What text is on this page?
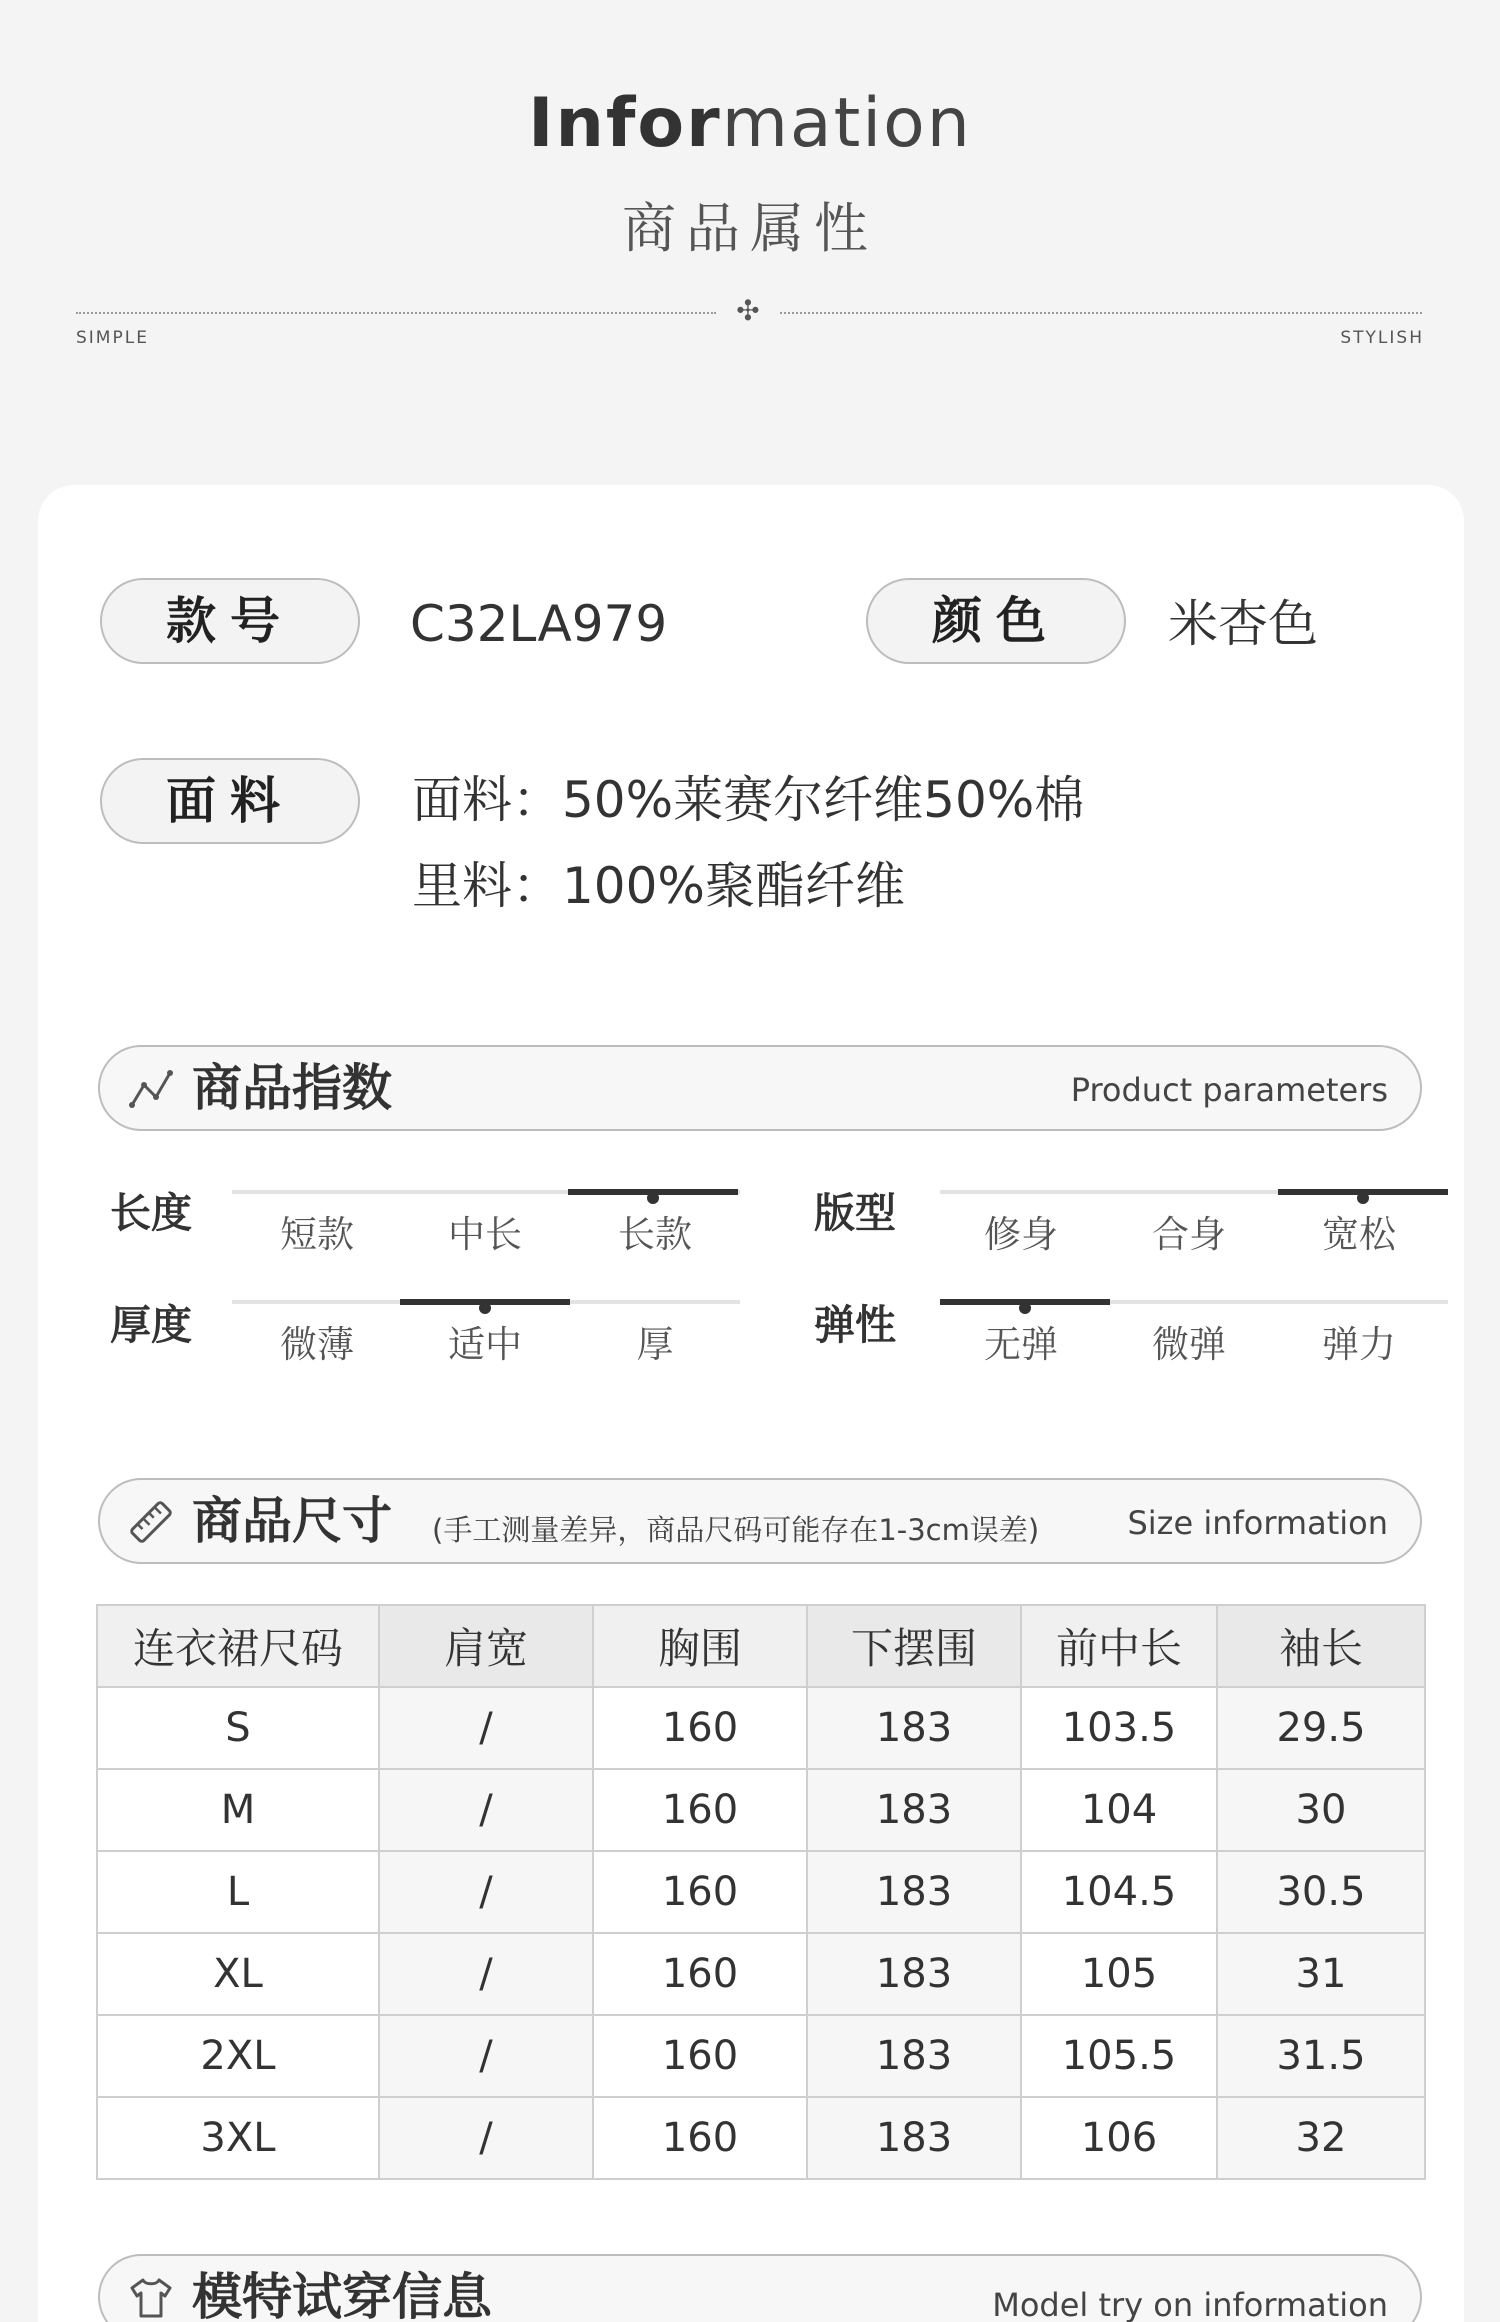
Information
商品属性
✣
SIMPLE	STYLISH
款号	C32LA979	颜色	米杏色
面料	面料：50%莱赛尔纤维50%棉
里料：100%聚酯纤维
商品指数	Product parameters
长度	短款	中长	长款	版型	修身	合身	宽松
厚度	微薄	适中	厚	弹性	无弹	微弹	弹力
商品尺寸 (手工测量差异，商品尺码可能存在1-3cm误差)	Size information
连衣裙尺码	肩宽	胸围	下摆围	前中长	袖长
S	/	160	183	103.5	29.5
M	/	160	183	104	30
L	/	160	183	104.5	30.5
XL	/	160	183	105	31
2XL	/	160	183	105.5	31.5
3XL	/	160	183	106	32
模特试穿信息	Model try on information
